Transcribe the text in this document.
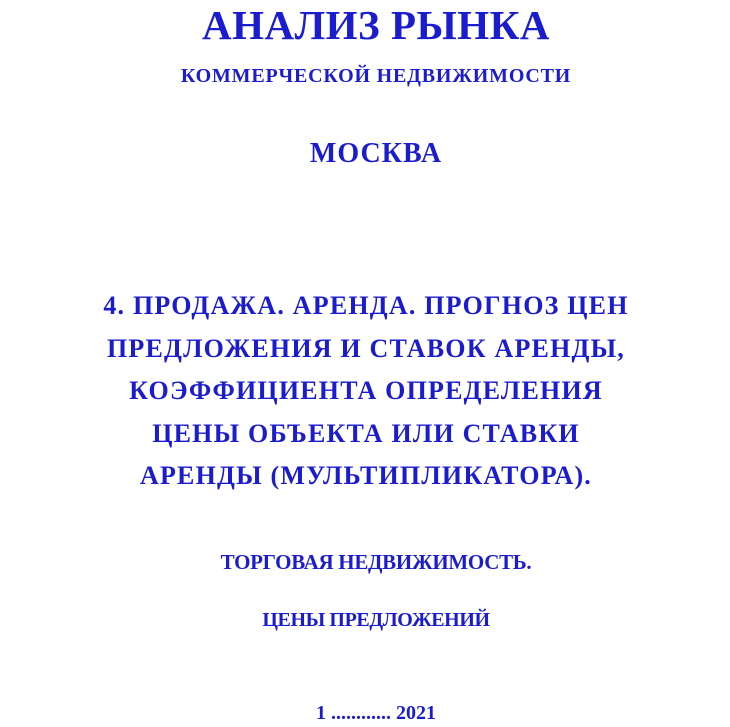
АНАЛИЗ РЫНКА
КОММЕРЧЕСКОЙ НЕДВИЖИМОСТИ
МОСКВА
4. ПРОДАЖА. АРЕНДА. ПРОГНОЗ ЦЕН
ПРЕДЛОЖЕНИЯ И СТАВОК АРЕНДЫ,
КОЭФФИЦИЕНТА ОПРЕДЕЛЕНИЯ
ЦЕНЫ ОБЪЕКТА ИЛИ СТАВКИ
АРЕНДЫ (МУЛЬТИПЛИКАТОРА).
ТОРГОВАЯ НЕДВИЖИМОСТЬ.
ЦЕНЫ ПРЕДЛОЖЕНИЙ
1 ............ 2021
